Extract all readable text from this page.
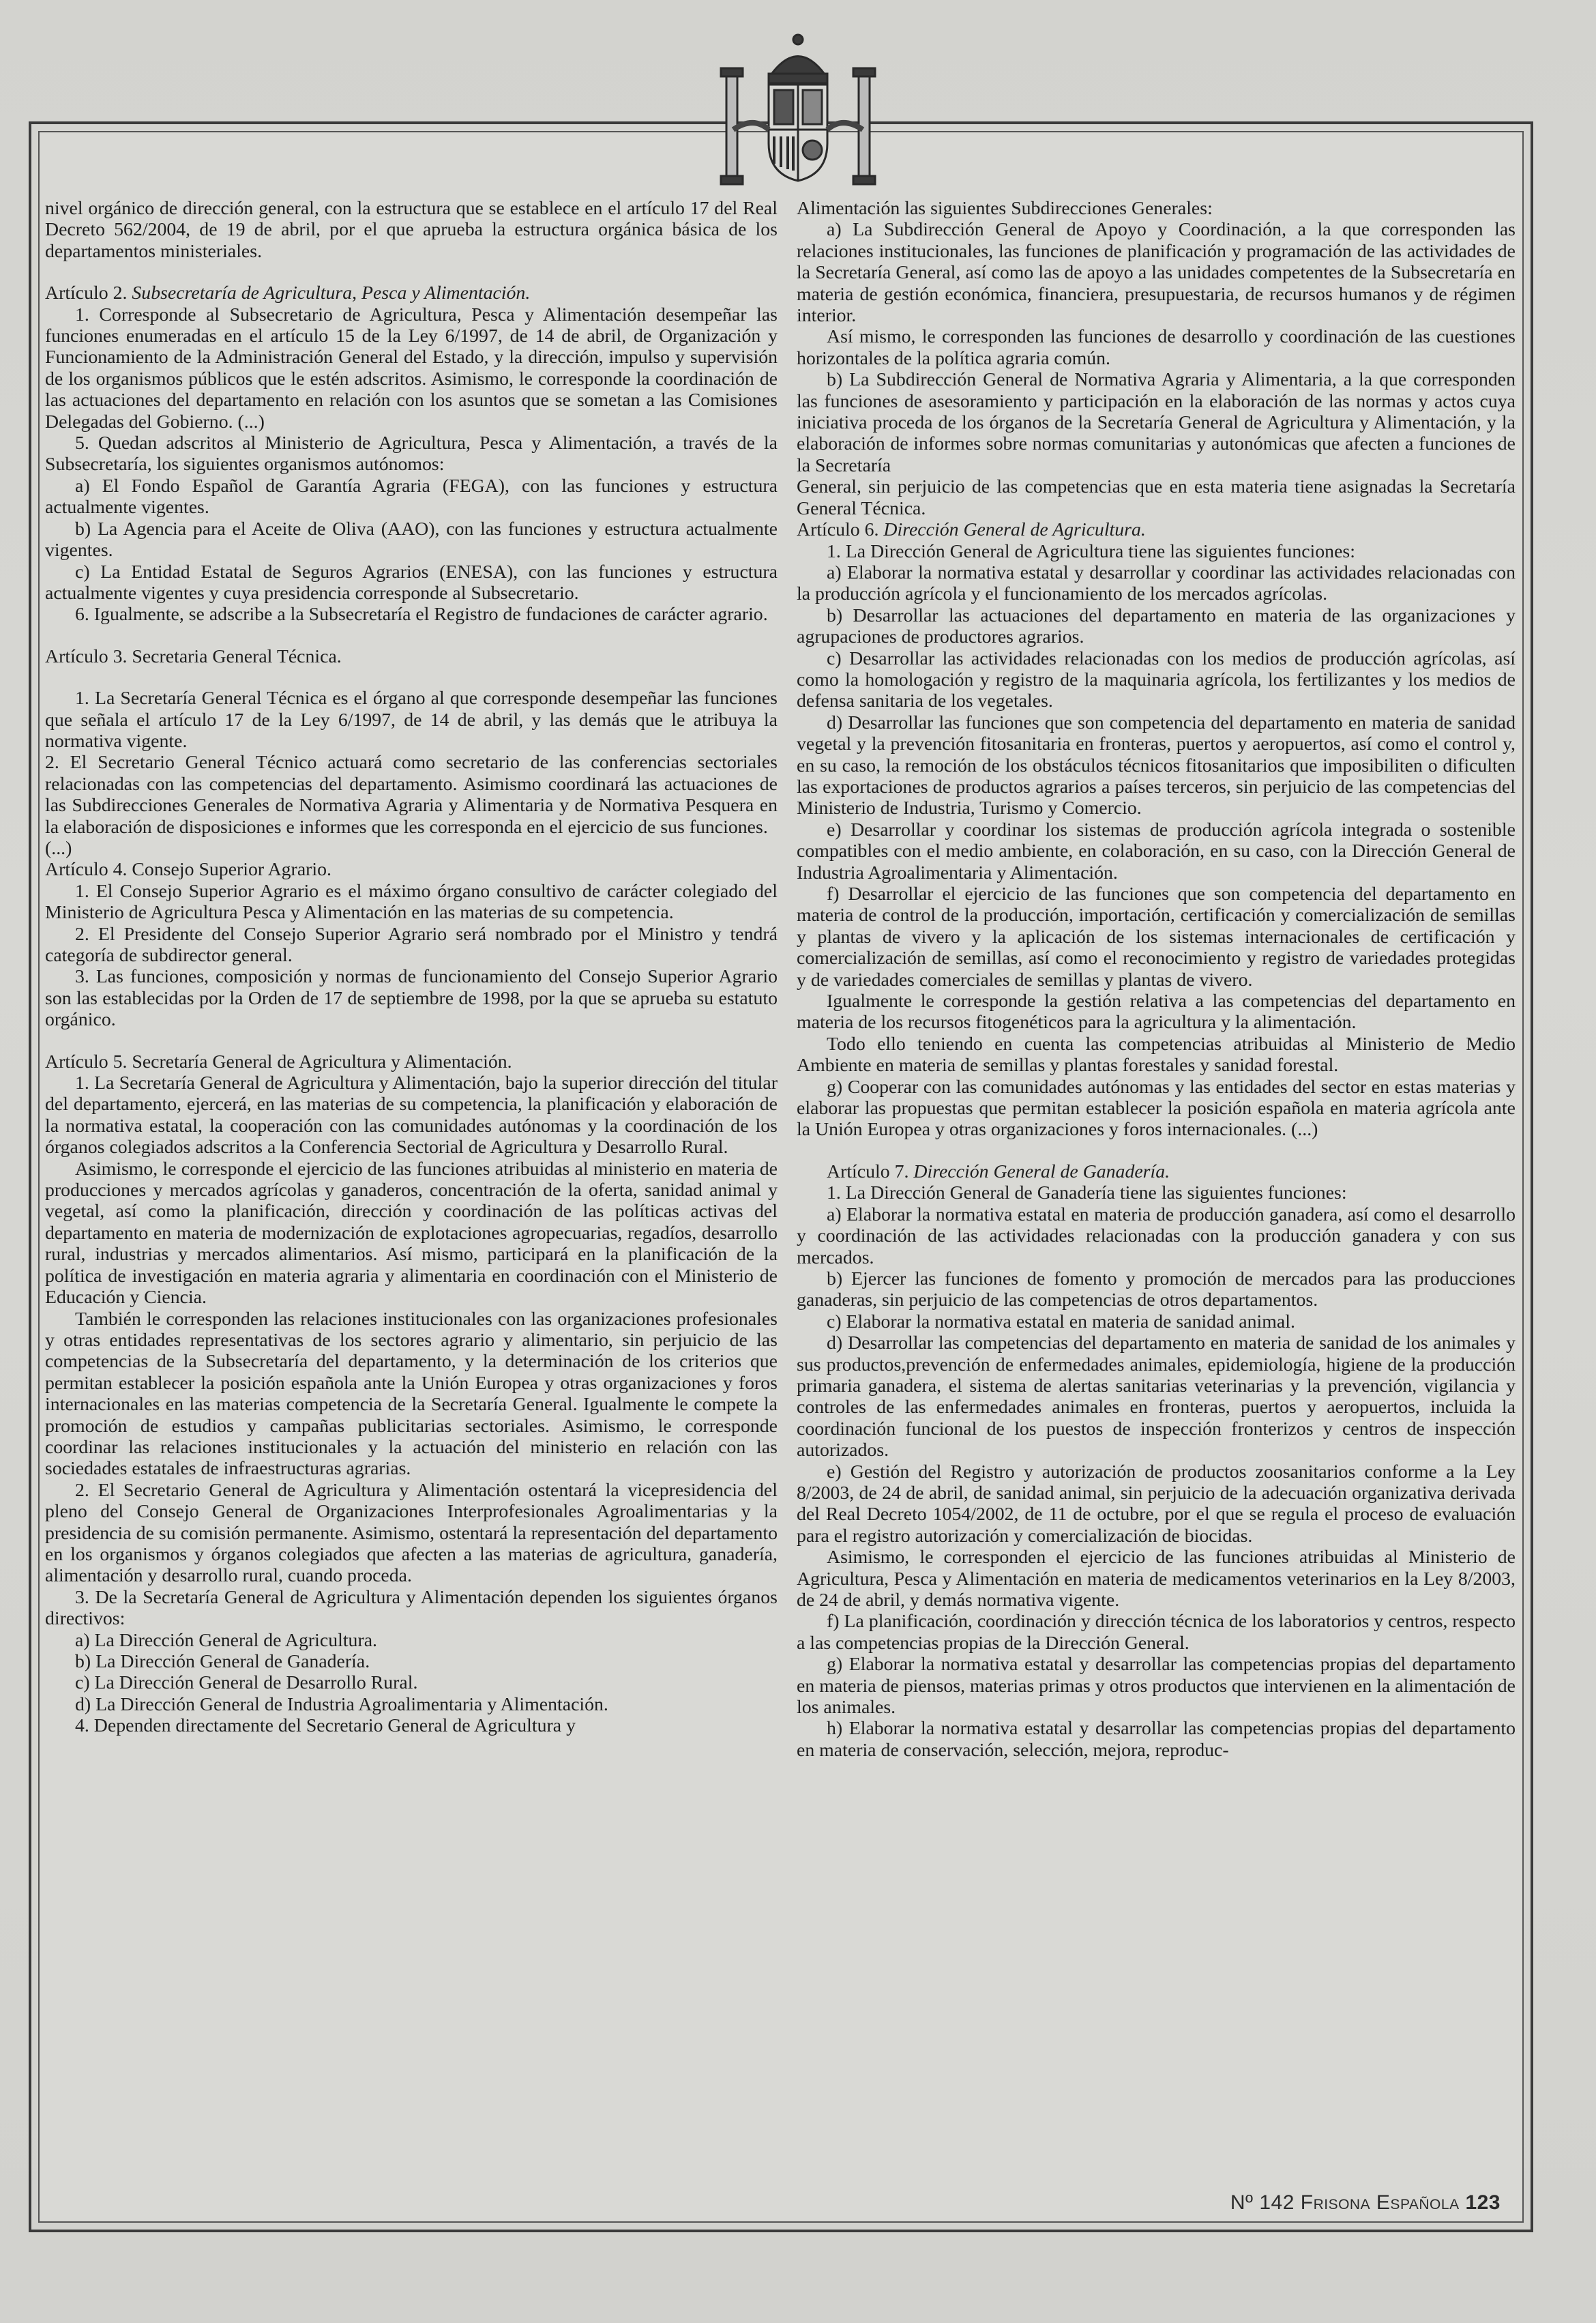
nivel orgánico de dirección general, con la estructura que se establece en el artículo 17 del Real Decreto 562/2004, de 19 de abril, por el que aprueba la estructura orgánica básica de los departamentos ministeriales.

Artículo 2. Subsecretaría de Agricultura, Pesca y Alimentación.

1. Corresponde al Subsecretario de Agricultura, Pesca y Alimentación desempeñar las funciones enumeradas en el artículo 15 de la Ley 6/1997, de 14 de abril, de Organización y Funcionamiento de la Administración General del Estado, y la dirección, impulso y supervisión de los organismos públicos que le estén adscritos. Asimismo, le corresponde la coordinación de las actuaciones del departamento en relación con los asuntos que se sometan a las Comisiones Delegadas del Gobierno. (...)

5. Quedan adscritos al Ministerio de Agricultura, Pesca y Alimentación, a través de la Subsecretaría, los siguientes organismos autónomos:

a) El Fondo Español de Garantía Agraria (FEGA), con las funciones y estructura actualmente vigentes.

b) La Agencia para el Aceite de Oliva (AAO), con las funciones y estructura actualmente vigentes.

c) La Entidad Estatal de Seguros Agrarios (ENESA), con las funciones y estructura actualmente vigentes y cuya presidencia corresponde al Subsecretario.

6. Igualmente, se adscribe a la Subsecretaría el Registro de fundaciones de carácter agrario.

Artículo 3. Secretaria General Técnica.

1. La Secretaría General Técnica es el órgano al que corresponde desempeñar las funciones que señala el artículo 17 de la Ley 6/1997, de 14 de abril, y las demás que le atribuya la normativa vigente.

2. El Secretario General Técnico actuará como secretario de las conferencias sectoriales relacionadas con las competencias del departamento. Asimismo coordinará las actuaciones de las Subdirecciones Generales de Normativa Agraria y Alimentaria y de Normativa Pesquera en la elaboración de disposiciones e informes que les corresponda en el ejercicio de sus funciones.

(...)

Artículo 4. Consejo Superior Agrario.

1. El Consejo Superior Agrario es el máximo órgano consultivo de carácter colegiado del Ministerio de Agricultura Pesca y Alimentación en las materias de su competencia.

2. El Presidente del Consejo Superior Agrario será nombrado por el Ministro y tendrá categoría de subdirector general.

3. Las funciones, composición y normas de funcionamiento del Consejo Superior Agrario son las establecidas por la Orden de 17 de septiembre de 1998, por la que se aprueba su estatuto orgánico.

Artículo 5. Secretaría General de Agricultura y Alimentación.

1. La Secretaría General de Agricultura y Alimentación, bajo la superior dirección del titular del departamento, ejercerá, en las materias de su competencia, la planificación y elaboración de la normativa estatal, la cooperación con las comunidades autónomas y la coordinación de los órganos colegiados adscritos a la Conferencia Sectorial de Agricultura y Desarrollo Rural.

Asimismo, le corresponde el ejercicio de las funciones atribuidas al ministerio en materia de producciones y mercados agrícolas y ganaderos, concentración de la oferta, sanidad animal y vegetal, así como la planificación, dirección y coordinación de las políticas activas del departamento en materia de modernización de explotaciones agropecuarias, regadíos, desarrollo rural, industrias y mercados alimentarios. Así mismo, participará en la planificación de la política de investigación en materia agraria y alimentaria en coordinación con el Ministerio de Educación y Ciencia.

También le corresponden las relaciones institucionales con las organizaciones profesionales y otras entidades representativas de los sectores agrario y alimentario, sin perjuicio de las competencias de la Subsecretaría del departamento, y la determinación de los criterios que permitan establecer la posición española ante la Unión Europea y otras organizaciones y foros internacionales en las materias competencia de la Secretaría General. Igualmente le compete la promoción de estudios y campañas publicitarias sectoriales. Asimismo, le corresponde coordinar las relaciones institucionales y la actuación del ministerio en relación con las sociedades estatales de infraestructuras agrarias.

2. El Secretario General de Agricultura y Alimentación ostentará la vicepresidencia del pleno del Consejo General de Organizaciones Interprofesionales Agroalimentarias y la presidencia de su comisión permanente. Asimismo, ostentará la representación del departamento en los organismos y órganos colegiados que afecten a las materias de agricultura, ganadería, alimentación y desarrollo rural, cuando proceda.

3. De la Secretaría General de Agricultura y Alimentación dependen los siguientes órganos directivos:

a) La Dirección General de Agricultura.

b) La Dirección General de Ganadería.

c) La Dirección General de Desarrollo Rural.

d) La Dirección General de Industria Agroalimentaria y Alimentación.

4. Dependen directamente del Secretario General de Agricultura y

Alimentación las siguientes Subdirecciones Generales:

a) La Subdirección General de Apoyo y Coordinación, a la que corresponden las relaciones institucionales, las funciones de planificación y programación de las actividades de la Secretaría General, así como las de apoyo a las unidades competentes de la Subsecretaría en materia de gestión económica, financiera, presupuestaria, de recursos humanos y de régimen interior.

Así mismo, le corresponden las funciones de desarrollo y coordinación de las cuestiones horizontales de la política agraria común.

b) La Subdirección General de Normativa Agraria y Alimentaria, a la que corresponden las funciones de asesoramiento y participación en la elaboración de las normas y actos cuya iniciativa proceda de los órganos de la Secretaría General de Agricultura y Alimentación, y la elaboración de informes sobre normas comunitarias y autonómicas que afecten a funciones de la Secretaría

General, sin perjuicio de las competencias que en esta materia tiene asignadas la Secretaría General Técnica.

Artículo 6. Dirección General de Agricultura.

1. La Dirección General de Agricultura tiene las siguientes funciones:

a) Elaborar la normativa estatal y desarrollar y coordinar las actividades relacionadas con la producción agrícola y el funcionamiento de los mercados agrícolas.

b) Desarrollar las actuaciones del departamento en materia de las organizaciones y agrupaciones de productores agrarios.

c) Desarrollar las actividades relacionadas con los medios de producción agrícolas, así como la homologación y registro de la maquinaria agrícola, los fertilizantes y los medios de defensa sanitaria de los vegetales.

d) Desarrollar las funciones que son competencia del departamento en materia de sanidad vegetal y la prevención fitosanitaria en fronteras, puertos y aeropuertos, así como el control y, en su caso, la remoción de los obstáculos técnicos fitosanitarios que imposibiliten o dificulten las exportaciones de productos agrarios a países terceros, sin perjuicio de las competencias del Ministerio de Industria, Turismo y Comercio.

e) Desarrollar y coordinar los sistemas de producción agrícola integrada o sostenible compatibles con el medio ambiente, en colaboración, en su caso, con la Dirección General de Industria Agroalimentaria y Alimentación.

f) Desarrollar el ejercicio de las funciones que son competencia del departamento en materia de control de la producción, importación, certificación y comercialización de semillas y plantas de vivero y la aplicación de los sistemas internacionales de certificación y comercialización de semillas, así como el reconocimiento y registro de variedades protegidas y de variedades comerciales de semillas y plantas de vivero.

Igualmente le corresponde la gestión relativa a las competencias del departamento en materia de los recursos fitogenéticos para la agricultura y la alimentación.

Todo ello teniendo en cuenta las competencias atribuidas al Ministerio de Medio Ambiente en materia de semillas y plantas forestales y sanidad forestal.

g) Cooperar con las comunidades autónomas y las entidades del sector en estas materias y elaborar las propuestas que permitan establecer la posición española en materia agrícola ante la Unión Europea y otras organizaciones y foros internacionales. (...)

Artículo 7. Dirección General de Ganadería.

1. La Dirección General de Ganadería tiene las siguientes funciones:

a) Elaborar la normativa estatal en materia de producción ganadera, así como el desarrollo y coordinación de las actividades relacionadas con la producción ganadera y con sus mercados.

b) Ejercer las funciones de fomento y promoción de mercados para las producciones ganaderas, sin perjuicio de las competencias de otros departamentos.

c) Elaborar la normativa estatal en materia de sanidad animal.

d) Desarrollar las competencias del departamento en materia de sanidad de los animales y sus productos,prevención de enfermedades animales, epidemiología, higiene de la producción primaria ganadera, el sistema de alertas sanitarias veterinarias y la prevención, vigilancia y controles de las enfermedades animales en fronteras, puertos y aeropuertos, incluida la coordinación funcional de los puestos de inspección fronterizos y centros de inspección autorizados.

e) Gestión del Registro y autorización de productos zoosanitarios conforme a la Ley 8/2003, de 24 de abril, de sanidad animal, sin perjuicio de la adecuación organizativa derivada del Real Decreto 1054/2002, de 11 de octubre, por el que se regula el proceso de evaluación para el registro autorización y comercialización de biocidas.

Asimismo, le corresponden el ejercicio de las funciones atribuidas al Ministerio de Agricultura, Pesca y Alimentación en materia de medicamentos veterinarios en la Ley 8/2003, de 24 de abril, y demás normativa vigente.

f) La planificación, coordinación y dirección técnica de los laboratorios y centros, respecto a las competencias propias de la Dirección General.

g) Elaborar la normativa estatal y desarrollar las competencias propias del departamento en materia de piensos, materias primas y otros productos que intervienen en la alimentación de los animales.

h) Elaborar la normativa estatal y desarrollar las competencias propias del departamento en materia de conservación, selección, mejora, reproduc-

Nº 142 Frisona Española 123
